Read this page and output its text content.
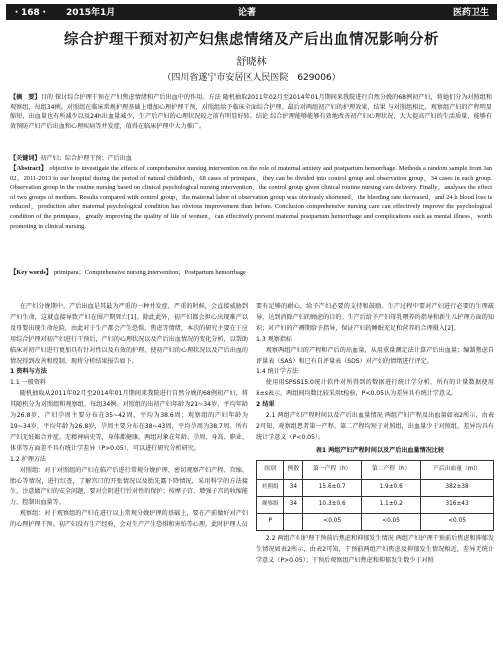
・168・ 2015年1月	论著	医药卫生
综合护理干预对初产妇焦虑情绪及产后出血情况影响分析
舒晓林
（四川省遂宁市安居区人民医院　629006）

【摘　要】目的 探讨综合护理干预在产妇焦虑情绪和产后出血中的作用。方法 随机抽取2011年02月至2014年01月期间来我院进行自然分娩的68例初产妇，将她们分为对照组和观察组，每组34例。对照组在临床常规护理基础上增加心理护理干预，对照组给予临床全面综合护理。最后对两组初产妇的护理效果，结果 与对照组相比，观察组产妇的产程明显缩短，出血量也有所减少以及24h出血量减少，生产后产妇的心理状况较之前有明显好转。结论 综合护理能够能够有效地改善初产妇心理状况，大大提高产妇的生活质量，能够有效预防产妇产后出血和心理疾病等并发症，值得在临床护理中大力推广。

【关键词】初产妇；综合护理干预；产后出血

【Abstract】 objective to investigate the effects of comprehensive nursing intervention on the role of maternal anxiety and postpartum hemorrhage. Methods a random sample from Jan 02，2011-2013 to our hospital during the period of natural childbirth，68 cases of primipara，they can be divided into control group and observation group，34 cases in each group. Observation group in the routine nursing based on clinical psychological nursing intervention，the control group given clinical routine nursing care delivery. Finally，analyses the effect of two groups of mothers. Results compared with control group，the maternal labor of observation group was obviously shortened，the bleeding rate decreased，and 24 h blood loss is reduced，production after maternal psychological condition has obvious improvement than before. Conclusion comprehensive nursing care can effectively improve the psychological condition of the primipara，greatly improving the quality of life of women，can effectively prevent maternal postpartum hemorrhage and complications such as mental illness，worth promoting in clinical nursing.

【Key words】 primipara；Comprehensive nursing intervention；Postpartum hemorrhage

在产妇分娩期中，产后出血是其最为严重的一种并发症，严重的时候，会直接威胁到产妇生命，这就直接导致产妇在围产期死亡[1]。除此此外，初产妇都会担心出现难产以及母婴出现生命危险，由此对于生产都会产生恐惧、焦虑等情绪，本次的研究主要在于应用综合护理对初产妇进行干预后，产妇的心理状况以及产后出血情况的变化分析，以帮助临床对初产妇进行更加具有针对性以及有效的护理，使初产妇的心理状况以及产后出血的情况得到改善和控制，现将分析结果报告如下。

1 资料与方法

1.1 一般资料

随机抽取从2011年02月至2014年01月期间来我院进行自然分娩的68例初产妇，将其随机分为对照组和观察组，每组34例。对照组的出初产妇年龄为21~34岁，平均年龄为26.8岁，产妇孕周主要分布在35~42周，平均为38.6周；观察组的产妇年龄为19~34岁，平均年龄为26.8岁，孕周主要分布在38~43周，平均孕周为38.7周。所有产妇无妊娠合并症、无精神病史等，身体都健康。两组对象在年龄、孕周、身高、职业、体重等方面差不具有统计学差异（P>0.05），可以进行研究分析研究。

1.2 护理方法

对照组：对于对照组的产妇在临产后进行常规分娩护理，密切观察产妇产程、宫缩、胎心等情况，进行红查，了解宫口的开张情况以及胎先露下降情况，采用科学的方法接生，注意做产妇的安全问题，要对会阴进行针对性的保护；按摩子宫，增强子宫的收缩能力，控制出血量等。

观察组：对于观察组的产妇在进行以上常规分娩护理的基础上，要在产前做好对产妇的心理护理干预。初产妇没有生产经验，会对生产产生恐惧和害怕等心理，此时护理人员

要有足够的耐心，给予产妇必要的支持和鼓励。生产过程中要对产妇进行必要的生理疏导，达到消除产妇的顾虑的目的。生产后给予产妇母乳喂养的指导和新生儿护理方面的知识；对产妇的产褥期给予指导，保证产妇的睡眠充足和营养的合理摄入[2]。

1.3 观察指标

观察两组产妇的产程和产后的出血量，从用重量测定法计算产后出血量；编制焦虑自评量表（SAS）和已有自评量表（SDS）对产妇的情绪进行评定。

1.4 统计学方法

使用用SPSS15.0统计软件对所得到的数据进行统计学分析，所有的计量数据使用x̄±s表示，两组间均数比较采用t检验，P<0.05认为差异具有统计学意义。

2 结果

2.1 两组产妇产程时间以及产后出血量情况 两组产妇产程及出血量如表2所示，由表2可知，观察组患者第一产程、第二产程均短于对照组，出血量少于对照组，差异均具有统计学意义（P<0.05）。

表1 两组产妇产程时间以及产后出血量情况比较

组别	例数	第一产程（h）	第二产程（h）	产后出血量（ml）
对照组	34	15.6±0.7	1.9±0.6	382±38
观察组	34	10.3±0.6	1.1±0.2	316±43
P		<0.05	<0.05	<0.05

2.2 两组产妇护理干预前后焦虑和抑郁发生情况 两组产妇护理干预前后焦虑和抑郁发生情况如表2所示，由表2可知，干预前两组产妇焦虑及抑郁发生情况相近，差异无统计学意义（P>0.05）；干预后观察组产妇焦虑和抑郁发生数少于对照
